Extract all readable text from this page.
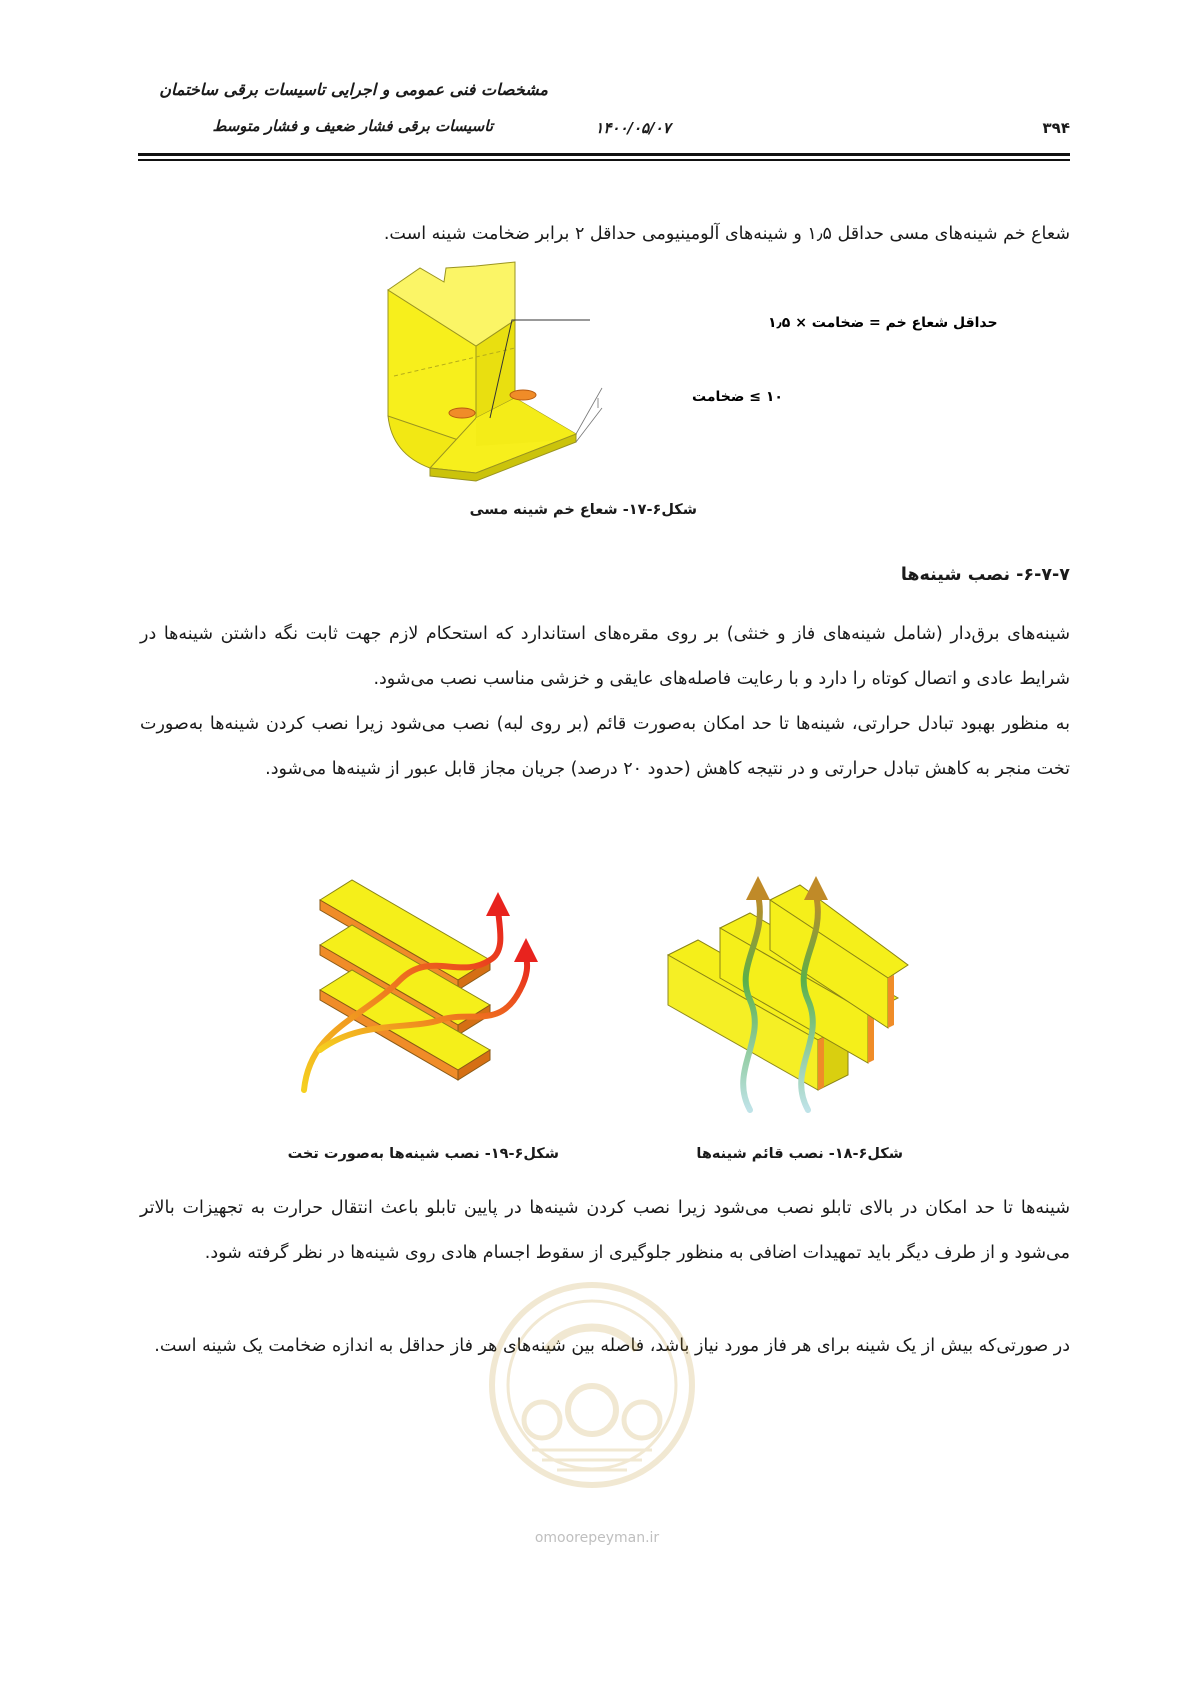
مشخصات فنی عمومی و اجرایی تاسیسات برقی ساختمان
تاسیسات برقی فشار ضعیف و فشار متوسط	۱۴۰۰/۰۵/۰۷	۳۹۴
شعاع خم شینه‌های مسی حداقل ۱٫۵ و شینه‌های آلومینیومی حداقل ۲ برابر ضخامت شینه است.
حداقل شعاع خم = ضخامت × ۱٫۵
۱۰ ≥ ضخامت
شکل۶-۱۷- شعاع خم شینه مسی
۶-۷-۷- نصب شینه‌ها
شینه‌های برق‌دار (شامل شینه‌های فاز و خنثی) بر روی مقره‌های استاندارد که استحکام لازم جهت ثابت نگه داشتن شینه‌ها در شرایط عادی و اتصال کوتاه را دارد و با رعایت فاصله‌های عایقی و خزشی مناسب نصب می‌شود.
به منظور بهبود تبادل حرارتی، شینه‌ها تا حد امکان به‌صورت قائم (بر روی لبه) نصب می‌شود زیرا نصب کردن شینه‌ها به‌صورت تخت منجر به کاهش تبادل حرارتی و در نتیجه کاهش (حدود ۲۰ درصد) جریان مجاز قابل عبور از شینه‌ها می‌شود.
شکل۶-۱۹- نصب شینه‌ها به‌صورت تخت	شکل۶-۱۸- نصب قائم شینه‌ها
شینه‌ها تا حد امکان در بالای تابلو نصب می‌شود زیرا نصب کردن شینه‌ها در پایین تابلو باعث انتقال حرارت به تجهیزات بالاتر می‌شود و از طرف دیگر باید تمهیدات اضافی به منظور جلوگیری از سقوط اجسام هادی روی شینه‌ها در نظر گرفته شود.
در صورتی‌که بیش از یک شینه برای هر فاز مورد نیاز باشد، فاصله بین شینه‌های هر فاز حداقل به اندازه ضخامت یک شینه است.
omoorepeyman.ir
